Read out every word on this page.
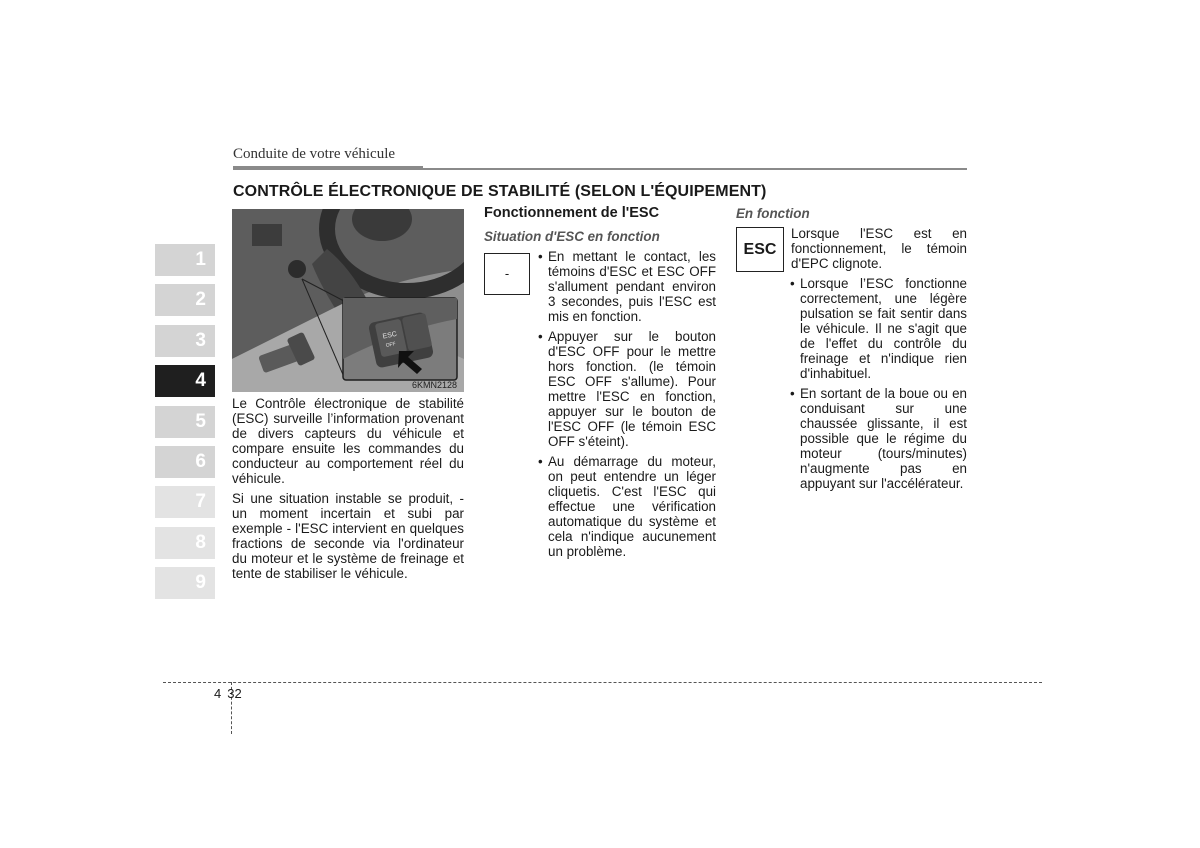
Conduite de votre véhicule
CONTRÔLE ÉLECTRONIQUE DE STABILITÉ (SELON L'ÉQUIPEMENT)
1
2
3
4
5
6
7
8
9
ESC
OFF
6KMN2128

Le Contrôle électronique de stabilité (ESC) surveille l’information provenant de divers capteurs du véhicule et compare ensuite les commandes du conducteur au comportement réel du véhicule.

Si une situation instable se produit, - un moment incertain et subi par exemple - l'ESC intervient en quelques fractions de seconde via l'ordinateur du moteur et le système de freinage et tente de stabiliser le véhicule.

Fonctionnement de l'ESC
Situation d'ESC en fonction
-
• En mettant le contact, les témoins d'ESC et ESC OFF s'allument pendant environ 3 secondes, puis l'ESC est mis en fonction.
• Appuyer sur le bouton d'ESC OFF pour le mettre hors fonction. (le témoin ESC OFF s'allume). Pour mettre l'ESC en fonction, appuyer sur le bouton de l'ESC OFF (le témoin ESC OFF s'éteint).
• Au démarrage du moteur, on peut entendre un léger cliquetis. C'est l'ESC qui effectue une vérification automatique du système et cela n'indique aucunement un problème.
En fonction
ESC
Lorsque l'ESC est en fonctionnement, le témoin d'EPC clignote.
• Lorsque l’ESC fonctionne correctement, une légère pulsation se fait sentir dans le véhicule. Il ne s'agit que de l'effet du contrôle du freinage et n'indique rien d'inhabituel.
• En sortant de la boue ou en conduisant sur une chaussée glissante, il est possible que le régime du moteur (tours/minutes) n'augmente pas en appuyant sur l'accélérateur.
4 32
